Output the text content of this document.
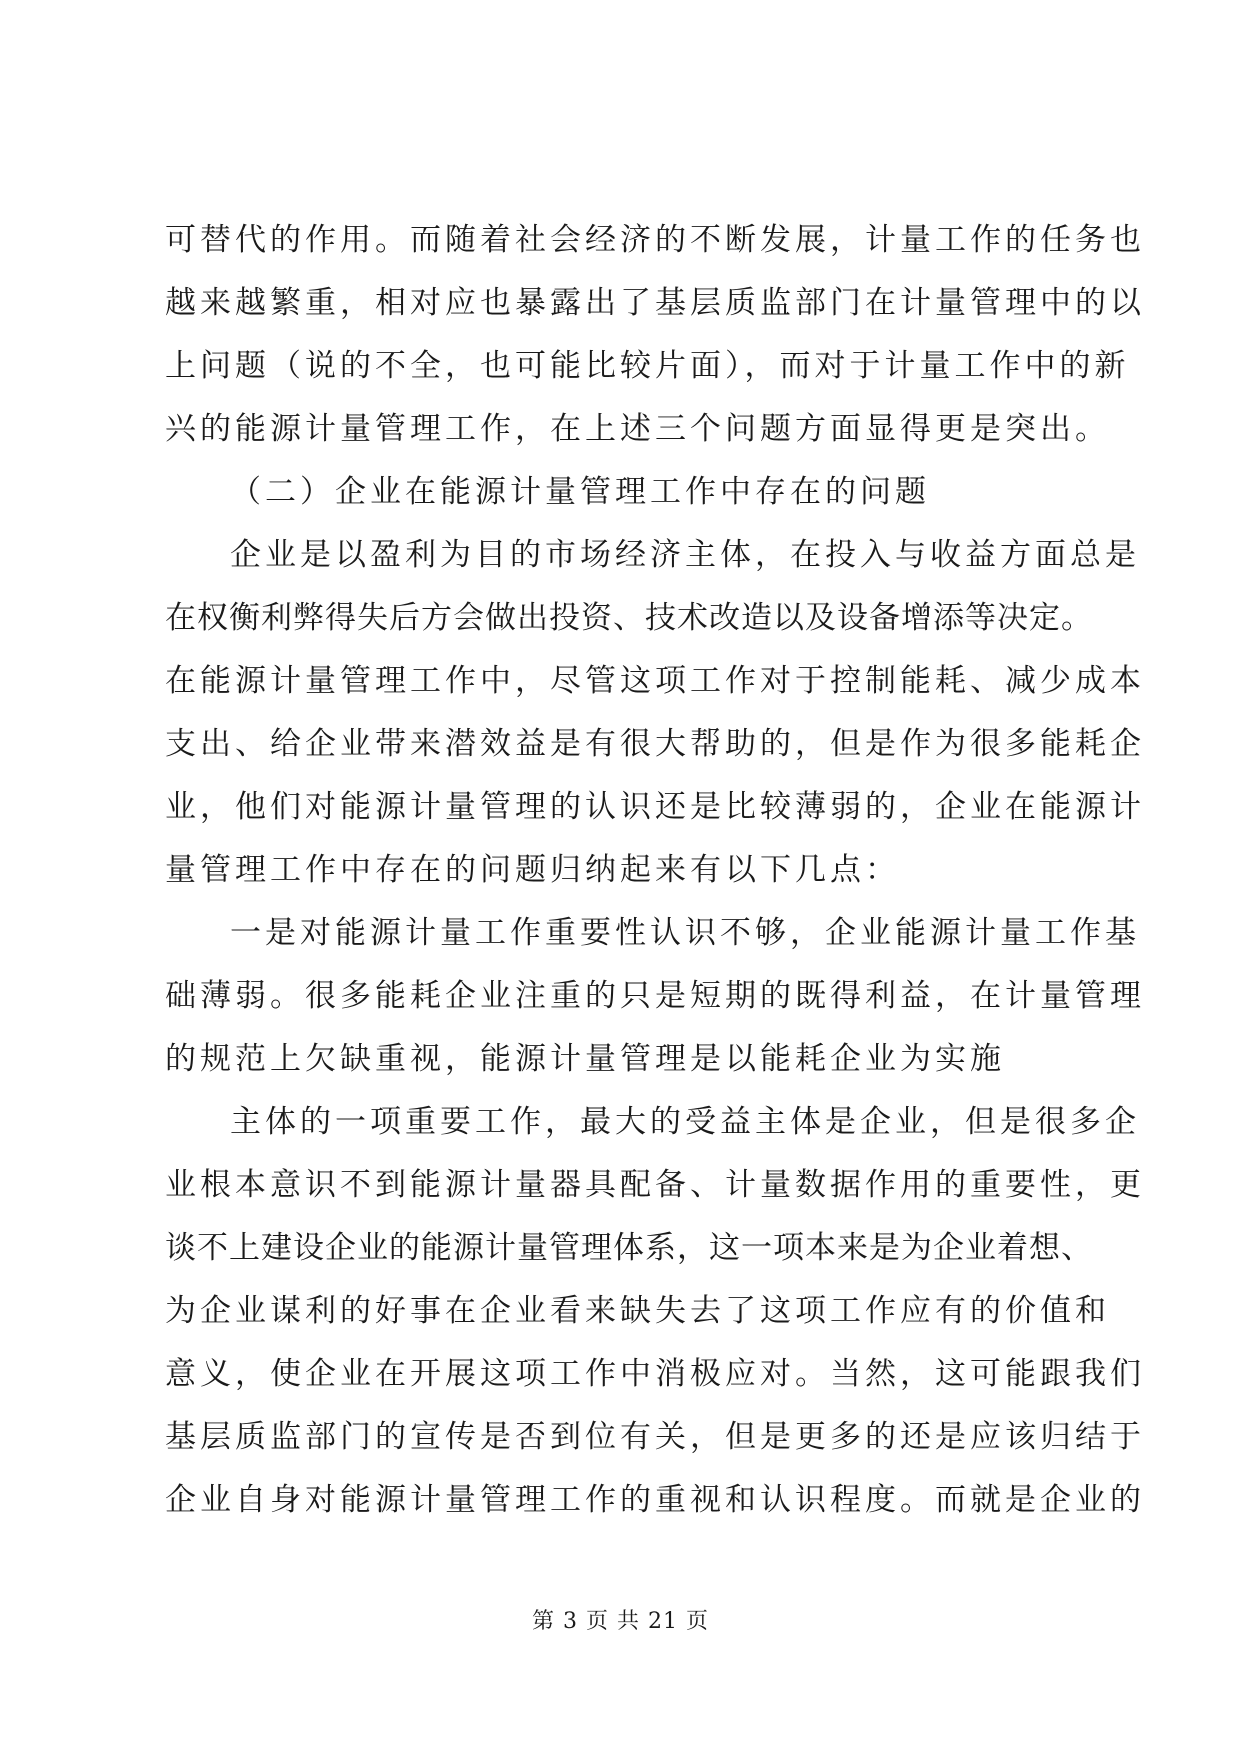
可替代的作用。而随着社会经济的不断发展，计量工作的任务也
越来越繁重，相对应也暴露出了基层质监部门在计量管理中的以
上问题（说的不全，也可能比较片面），而对于计量工作中的新
兴的能源计量管理工作，在上述三个问题方面显得更是突出。
（二）企业在能源计量管理工作中存在的问题
企业是以盈利为目的市场经济主体，在投入与收益方面总是
在权衡利弊得失后方会做出投资、技术改造以及设备增添等决定。
在能源计量管理工作中，尽管这项工作对于控制能耗、减少成本
支出、给企业带来潜效益是有很大帮助的，但是作为很多能耗企
业，他们对能源计量管理的认识还是比较薄弱的，企业在能源计
量管理工作中存在的问题归纳起来有以下几点：
一是对能源计量工作重要性认识不够，企业能源计量工作基
础薄弱。很多能耗企业注重的只是短期的既得利益，在计量管理
的规范上欠缺重视，能源计量管理是以能耗企业为实施
主体的一项重要工作，最大的受益主体是企业，但是很多企
业根本意识不到能源计量器具配备、计量数据作用的重要性，更
谈不上建设企业的能源计量管理体系，这一项本来是为企业着想、
为企业谋利的好事在企业看来缺失去了这项工作应有的价值和
意义，使企业在开展这项工作中消极应对。当然，这可能跟我们
基层质监部门的宣传是否到位有关，但是更多的还是应该归结于
企业自身对能源计量管理工作的重视和认识程度。而就是企业的
第 3 页 共 21 页
